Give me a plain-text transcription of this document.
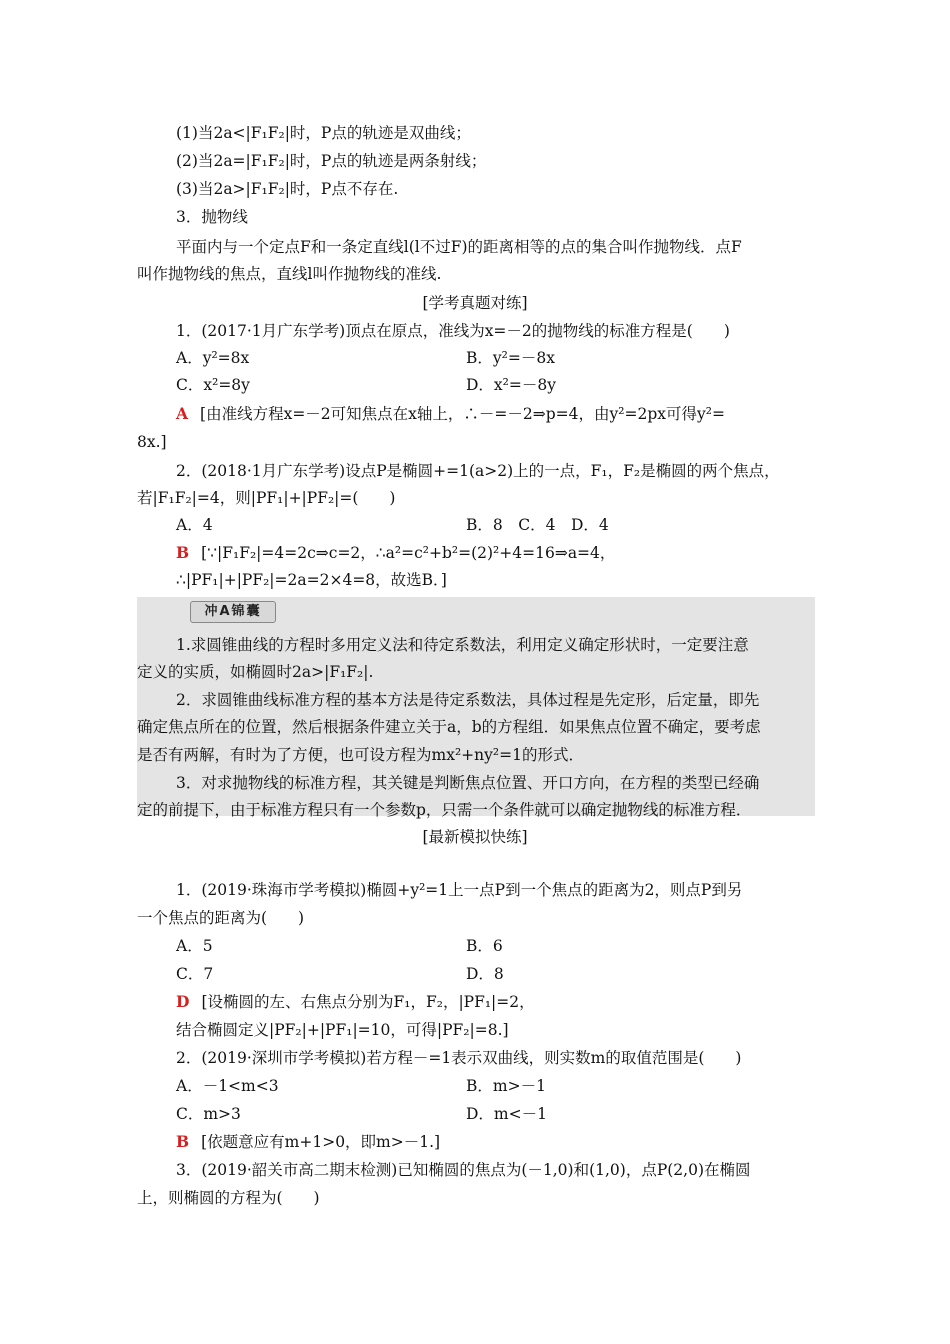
(1)当2a<|F₁F₂|时，P点的轨迹是双曲线；
(2)当2a=|F₁F₂|时，P点的轨迹是两条射线；
(3)当2a>|F₁F₂|时，P点不存在.
3．抛物线
平面内与一个定点F和一条定直线l(l不过F)的距离相等的点的集合叫作抛物线．点F
叫作抛物线的焦点，直线l叫作抛物线的准线.
[学考真题对练]
1．(2017·1月广东学考)顶点在原点，准线为x=－2的抛物线的标准方程是(　　)
A．y²=8x	B．y²=－8x
C．x²=8y	D．x²=－8y
A [由准线方程x=－2可知焦点在x轴上，∴－=－2⇒p=4，由y²=2px可得y²=
8x.]
2．(2018·1月广东学考)设点P是椭圆+=1(a>2)上的一点，F₁，F₂是椭圆的两个焦点，
若|F₁F₂|=4，则|PF₁|+|PF₂|=(　　)
A．4	B．8　C．4　D．4
B [∵|F₁F₂|=4=2c⇒c=2，∴a²=c²+b²=(2)²+4=16⇒a=4，
∴|PF₁|+|PF₂|=2a=2×4=8，故选B．]
冲A锦囊
1.求圆锥曲线的方程时多用定义法和待定系数法，利用定义确定形状时，一定要注意
定义的实质，如椭圆时2a>|F₁F₂|.
2．求圆锥曲线标准方程的基本方法是待定系数法，具体过程是先定形，后定量，即先
确定焦点所在的位置，然后根据条件建立关于a，b的方程组．如果焦点位置不确定，要考虑
是否有两解，有时为了方便，也可设方程为mx²+ny²=1的形式．
3．对求抛物线的标准方程，其关键是判断焦点位置、开口方向，在方程的类型已经确
定的前提下，由于标准方程只有一个参数p，只需一个条件就可以确定抛物线的标准方程．
[最新模拟快练]
1．(2019·珠海市学考模拟)椭圆+y²=1上一点P到一个焦点的距离为2，则点P到另
一个焦点的距离为(　　)
A．5	B．6
C．7	D．8
D [设椭圆的左、右焦点分别为F₁，F₂，|PF₁|=2，
结合椭圆定义|PF₂|+|PF₁|=10，可得|PF₂|=8.]
2．(2019·深圳市学考模拟)若方程－=1表示双曲线，则实数m的取值范围是(　　)
A．－1<m<3	B．m>－1
C．m>3	D．m<－1
B [依题意应有m+1>0，即m>－1.]
3．(2019·韶关市高二期末检测)已知椭圆的焦点为(－1,0)和(1,0)，点P(2,0)在椭圆
上，则椭圆的方程为(　　)
